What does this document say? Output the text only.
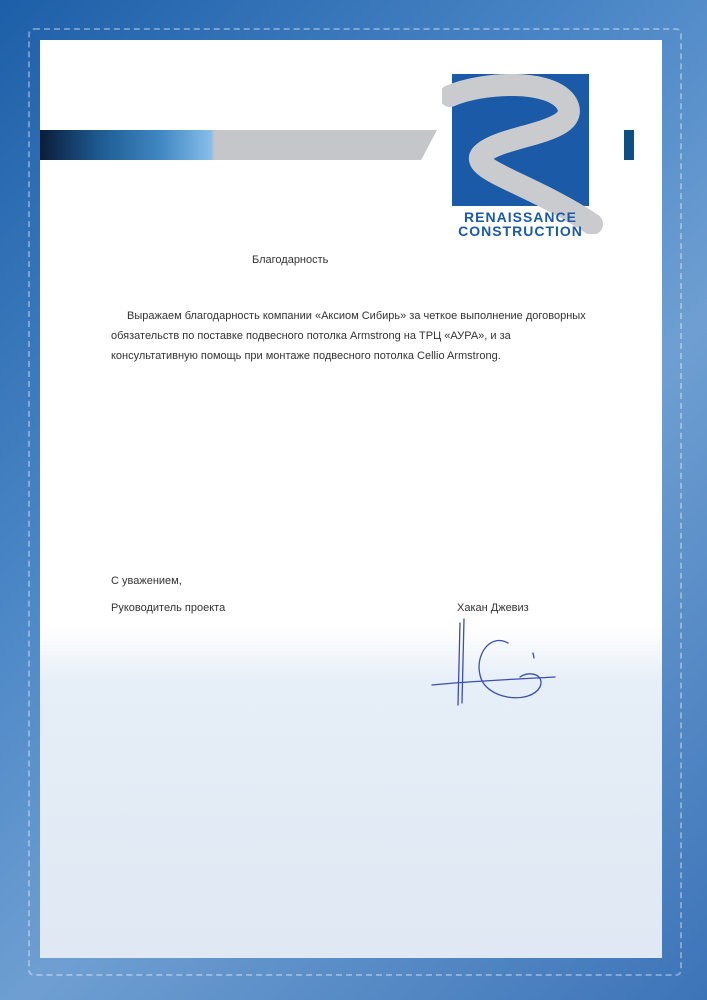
RENAISSANCE
CONSTRUCTION
Благодарность
Выражаем благодарность компании «Аксиом Сибирь» за четкое выполнение договорных обязательств по поставке подвесного потолка Armstrong на ТРЦ «АУРА», и за консультативную помощь при монтаже подвесного потолка Cellio Armstrong.
С уважением,
Руководитель проекта	Хакан Джевиз
